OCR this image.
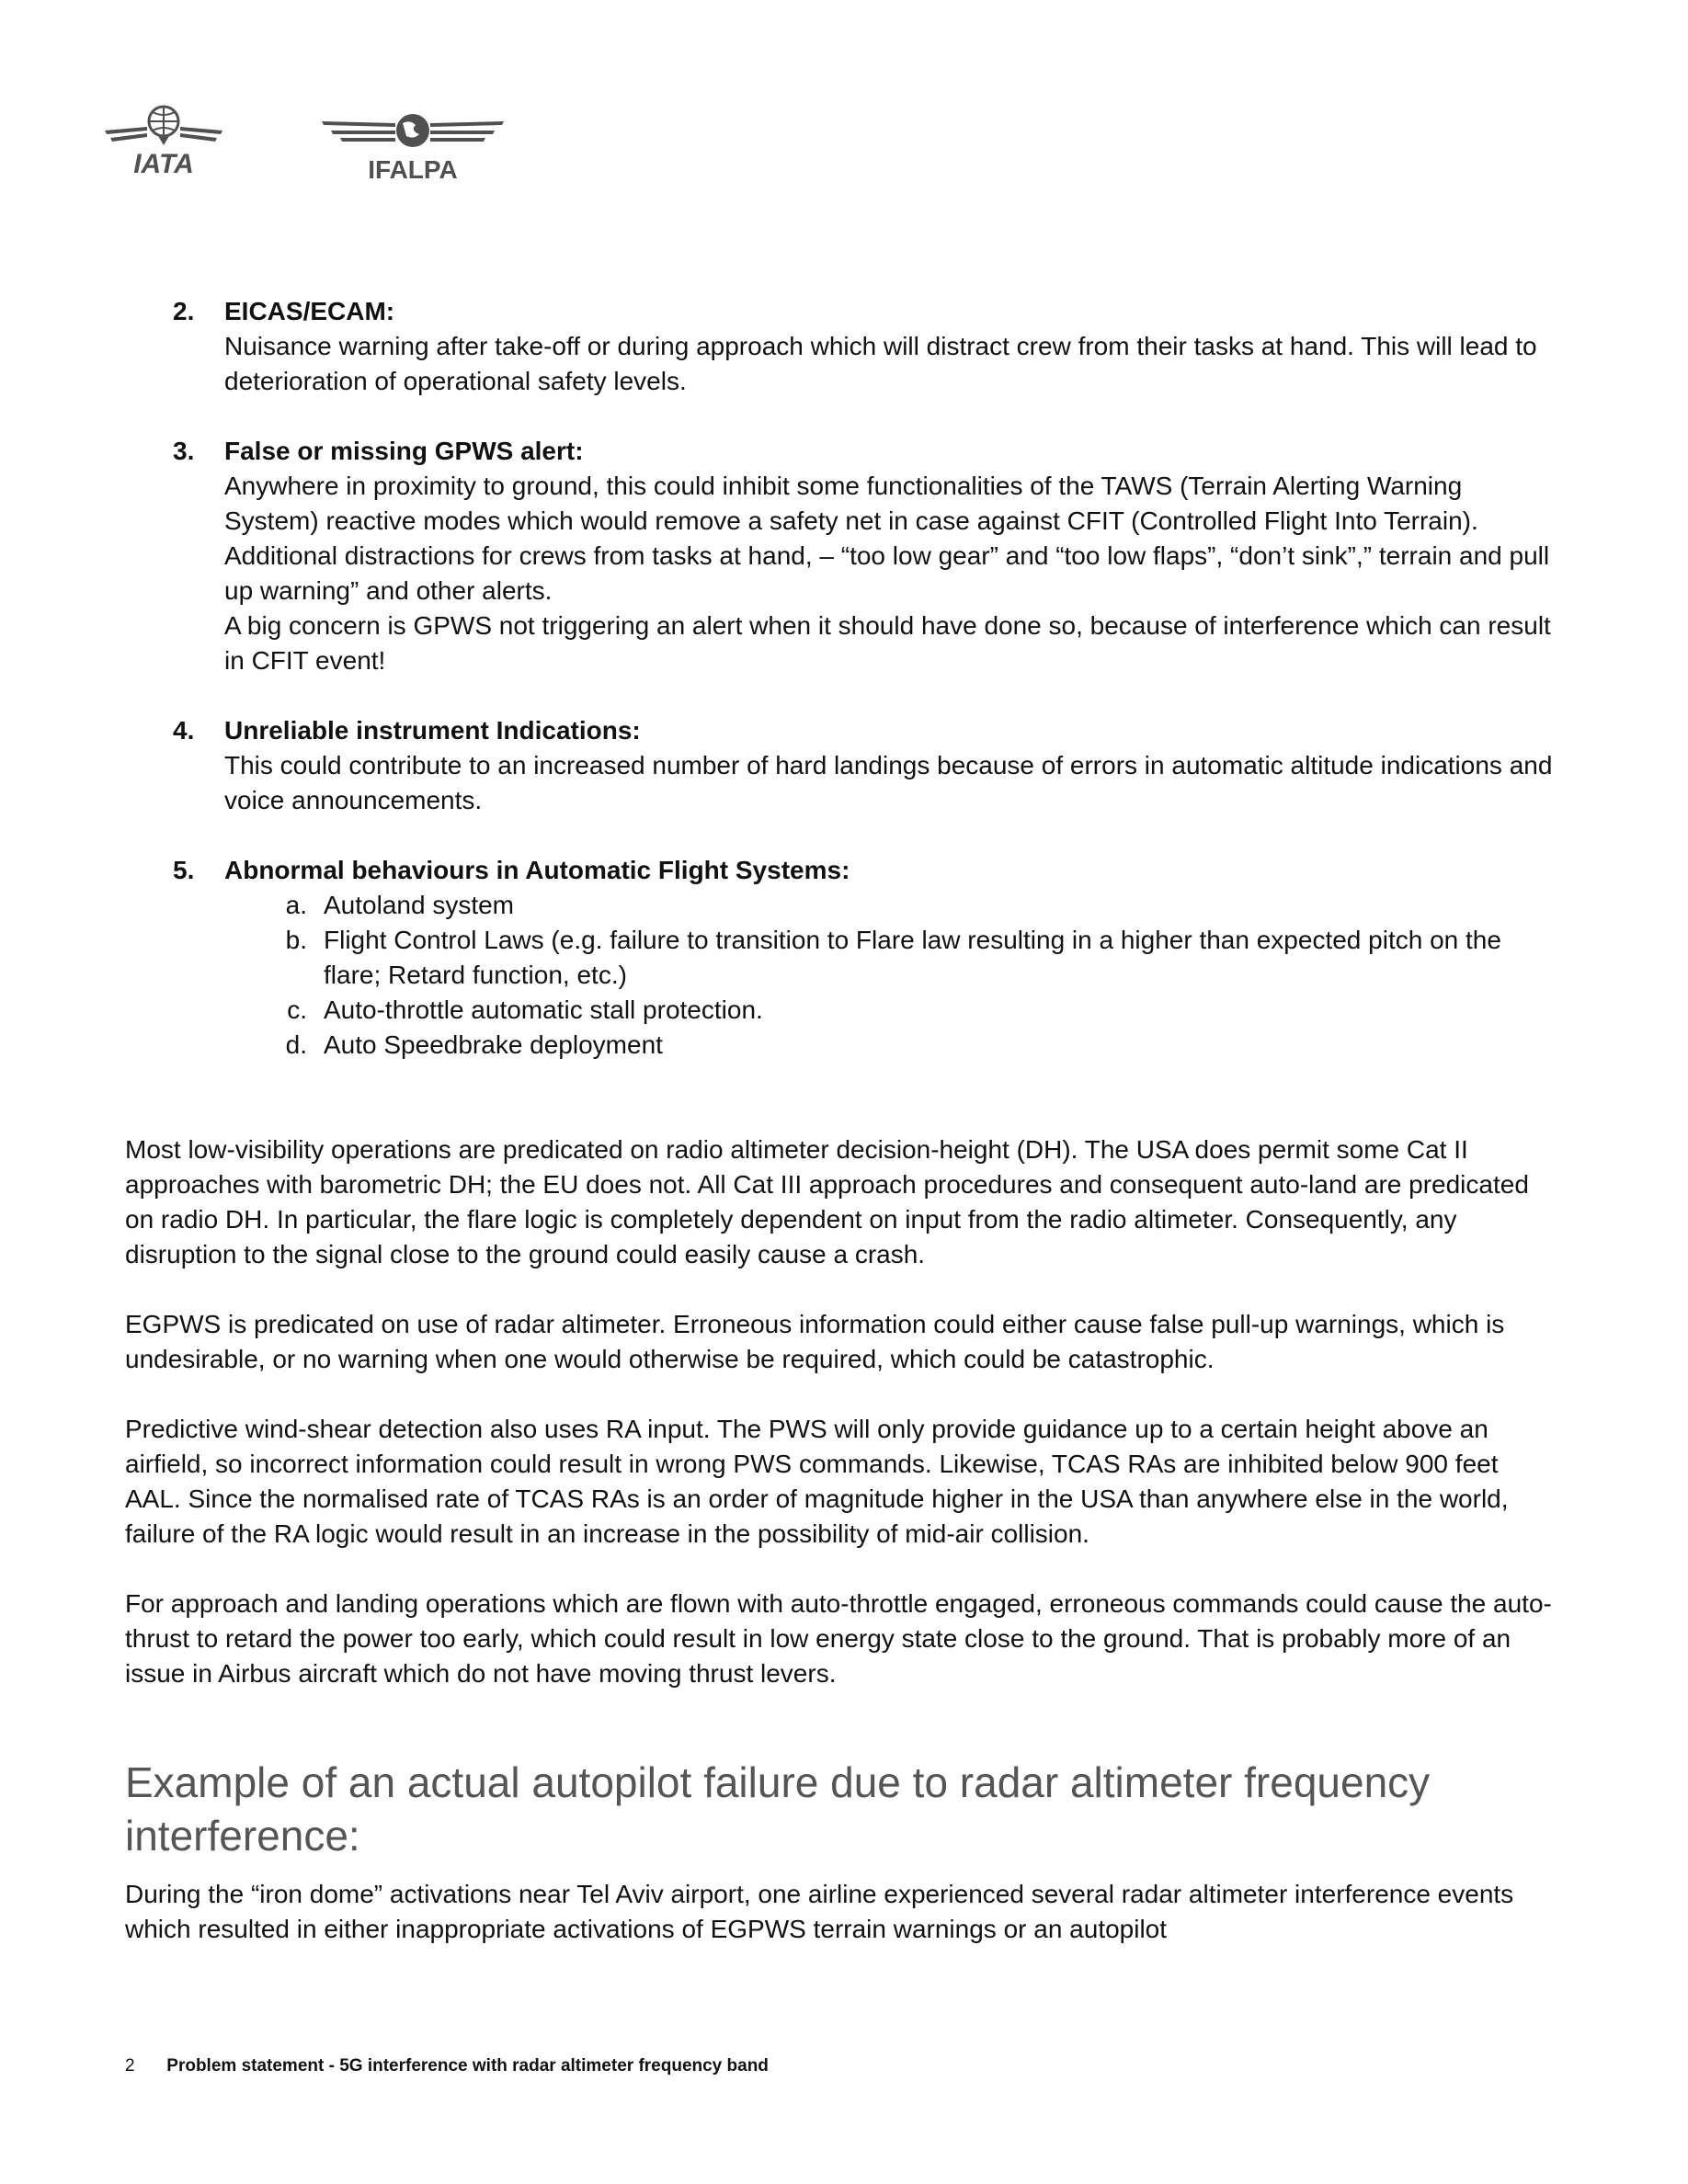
IATA	IFALPA
2. EICAS/ECAM:

Nuisance warning after take-off or during approach which will distract crew from their tasks at hand. This will lead to deterioration of operational safety levels.

3. False or missing GPWS alert:

Anywhere in proximity to ground, this could inhibit some functionalities of the TAWS (Terrain Alerting Warning System) reactive modes which would remove a safety net in case against CFIT (Controlled Flight Into Terrain).

Additional distractions for crews from tasks at hand, – “too low gear” and “too low flaps”, “don’t sink”,” terrain and pull up warning” and other alerts.

A big concern is GPWS not triggering an alert when it should have done so, because of interference which can result in CFIT event!

4. Unreliable instrument Indications:

This could contribute to an increased number of hard landings because of errors in automatic altitude indications and voice announcements.

5. Abnormal behaviours in Automatic Flight Systems:
a. Autoland system
b. Flight Control Laws (e.g. failure to transition to Flare law resulting in a higher than expected pitch on the flare; Retard function, etc.)
c. Auto-throttle automatic stall protection.
d. Auto Speedbrake deployment

Most low-visibility operations are predicated on radio altimeter decision-height (DH). The USA does permit some Cat II approaches with barometric DH; the EU does not. All Cat III approach procedures and consequent auto-land are predicated on radio DH. In particular, the flare logic is completely dependent on input from the radio altimeter. Consequently, any disruption to the signal close to the ground could easily cause a crash.

EGPWS is predicated on use of radar altimeter. Erroneous information could either cause false pull-up warnings, which is undesirable, or no warning when one would otherwise be required, which could be catastrophic.

Predictive wind-shear detection also uses RA input. The PWS will only provide guidance up to a certain height above an airfield, so incorrect information could result in wrong PWS commands. Likewise, TCAS RAs are inhibited below 900 feet AAL. Since the normalised rate of TCAS RAs is an order of magnitude higher in the USA than anywhere else in the world, failure of the RA logic would result in an increase in the possibility of mid-air collision.

For approach and landing operations which are flown with auto-throttle engaged, erroneous commands could cause the auto-thrust to retard the power too early, which could result in low energy state close to the ground. That is probably more of an issue in Airbus aircraft which do not have moving thrust levers.

Example of an actual autopilot failure due to radar altimeter frequency interference:

During the “iron dome” activations near Tel Aviv airport, one airline experienced several radar altimeter interference events which resulted in either inappropriate activations of EGPWS terrain warnings or an autopilot

2 Problem statement - 5G interference with radar altimeter frequency band
